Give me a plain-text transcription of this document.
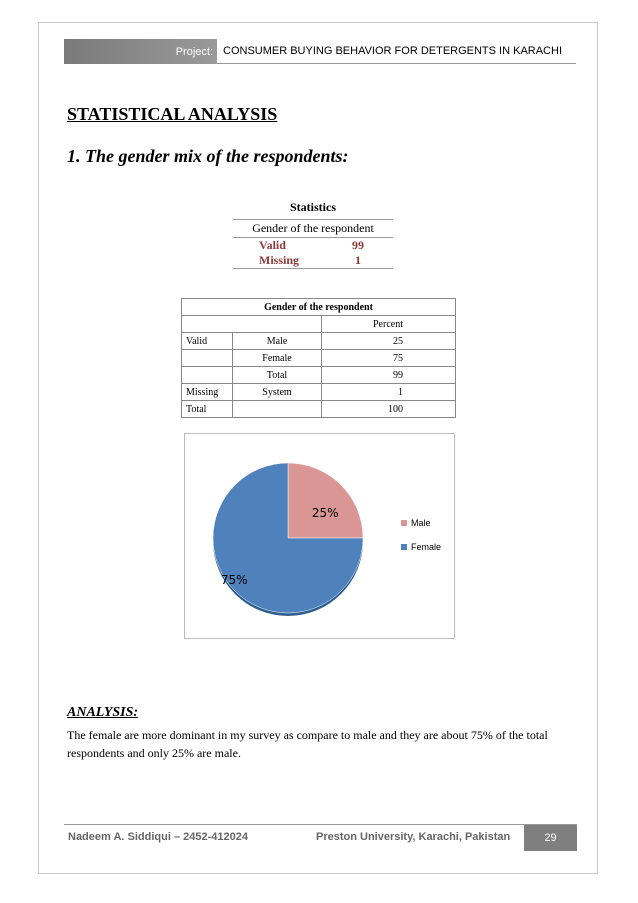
Project: CONSUMER BUYING BEHAVIOR FOR DETERGENTS IN KARACHI
STATISTICAL ANALYSIS
1. The gender mix of the respondents:
Statistics
Gender of the respondent
Valid	99
Missing	1
Gender of the respondent		
		Percent
Valid	Male	25
	Female	75
	Total	99
Missing	System	1
Total		100
25%
75%
Male
Female
ANALYSIS:
The female are more dominant in my survey as compare to male and they are about 75% of the total respondents and only 25% are male.
Nadeem A. Siddiqui – 2452-412024	Preston University, Karachi, Pakistan	29
